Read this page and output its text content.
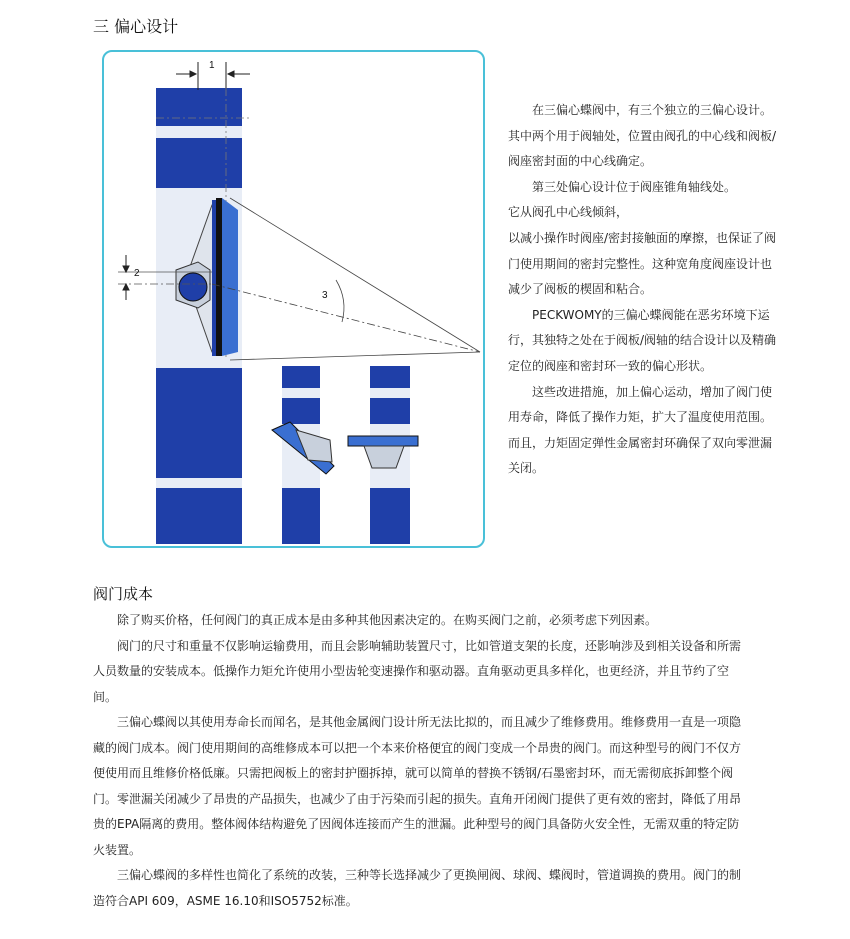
三 偏心设计
1
2
3

在三偏心蝶阀中，有三个独立的三偏心设计。其中两个用于阀轴处，位置由阀孔的中心线和阀板/阀座密封面的中心线确定。

第三处偏心设计位于阀座锥角轴线处。

它从阀孔中心线倾斜，

以减小操作时阀座/密封接触面的摩擦，也保证了阀门使用期间的密封完整性。这种宽角度阀座设计也减少了阀板的楔固和粘合。

PECKWOMY的三偏心蝶阀能在恶劣环境下运行，其独特之处在于阀板/阀轴的结合设计以及精确定位的阀座和密封环一致的偏心形状。

这些改进措施，加上偏心运动，增加了阀门使用寿命，降低了操作力矩，扩大了温度使用范围。而且，力矩固定弹性金属密封环确保了双向零泄漏关闭。

阀门成本

除了购买价格，任何阀门的真正成本是由多种其他因素决定的。在购买阀门之前，必须考虑下列因素。

阀门的尺寸和重量不仅影响运输费用，而且会影响辅助装置尺寸，比如管道支架的长度，还影响涉及到相关设备和所需人员数量的安装成本。低操作力矩允许使用小型齿轮变速操作和驱动器。直角驱动更具多样化，也更经济，并且节约了空间。

三偏心蝶阀以其使用寿命长而闻名，是其他金属阀门设计所无法比拟的，而且减少了维修费用。维修费用一直是一项隐藏的阀门成本。阀门使用期间的高维修成本可以把一个本来价格便宜的阀门变成一个昂贵的阀门。而这种型号的阀门不仅方便使用而且维修价格低廉。只需把阀板上的密封护圈拆掉，就可以简单的替换不锈钢/石墨密封环，而无需彻底拆卸整个阀门。零泄漏关闭减少了昂贵的产品损失，也减少了由于污染而引起的损失。直角开闭阀门提供了更有效的密封，降低了用昂贵的EPA隔离的费用。整体阀体结构避免了因阀体连接而产生的泄漏。此种型号的阀门具备防火安全性，无需双重的特定防火装置。

三偏心蝶阀的多样性也简化了系统的改装，三种等长选择减少了更换闸阀、球阀、蝶阀时，管道调换的费用。阀门的制造符合API 609，ASME 16.10和ISO5752标准。
